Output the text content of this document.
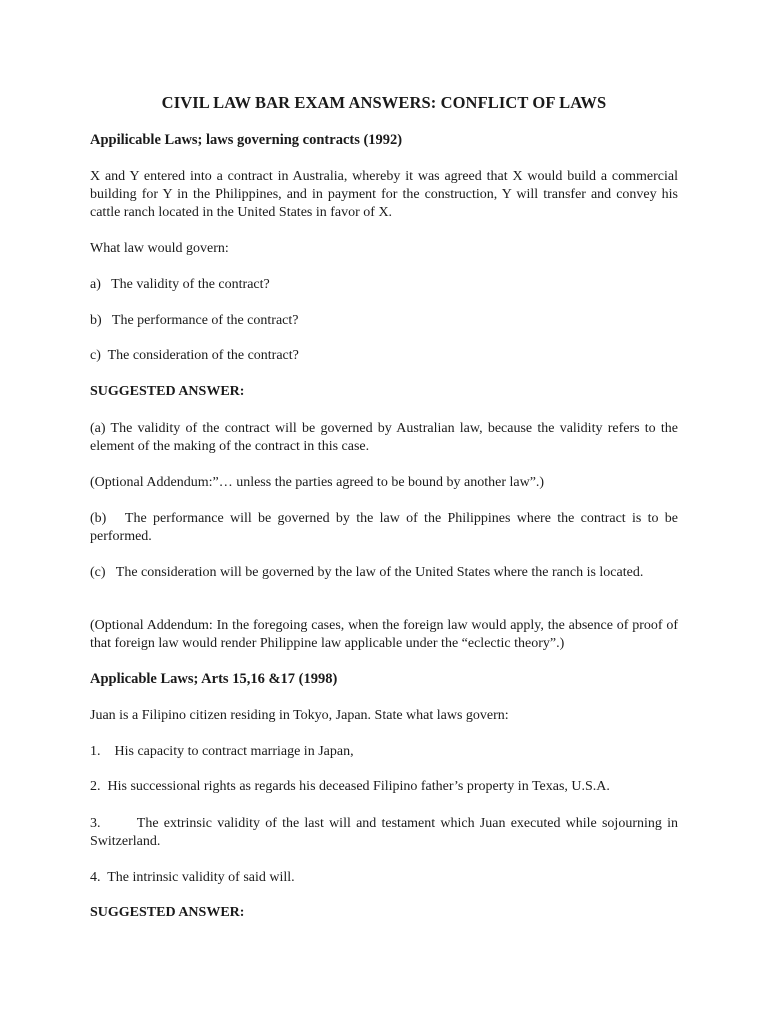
CIVIL LAW BAR EXAM ANSWERS: CONFLICT OF LAWS

Appilicable Laws; laws governing contracts (1992)

X and Y entered into a contract in Australia, whereby it was agreed that X would build a commercial building for Y in the Philippines, and in payment for the construction, Y will transfer and convey his cattle ranch located in the United States in favor of X.

What law would govern:

a)   The validity of the contract?

b)   The performance of the contract?

c)  The consideration of the contract?

SUGGESTED ANSWER:

(a) The validity of the contract will be governed by Australian law, because the validity refers to the element of the making of the contract in this case.

(Optional Addendum:”… unless the parties agreed to be bound by another law”.)

(b)   The performance will be governed by the law of the Philippines where the contract is to be performed.

(c)   The consideration will be governed by the law of the United States where the ranch is located.

(Optional Addendum: In the foregoing cases, when the foreign law would apply, the absence of proof of that foreign law would render Philippine law applicable under the “eclectic theory”.)

Applicable Laws; Arts 15,16 &17 (1998)

Juan is a Filipino citizen residing in Tokyo, Japan. State what laws govern:

1.    His capacity to contract marriage in Japan,

2.  His successional rights as regards his deceased Filipino father’s property in Texas, U.S.A.

3.       The extrinsic validity of the last will and testament which Juan executed while sojourning in Switzerland.

4.  The intrinsic validity of said will.

SUGGESTED ANSWER:
